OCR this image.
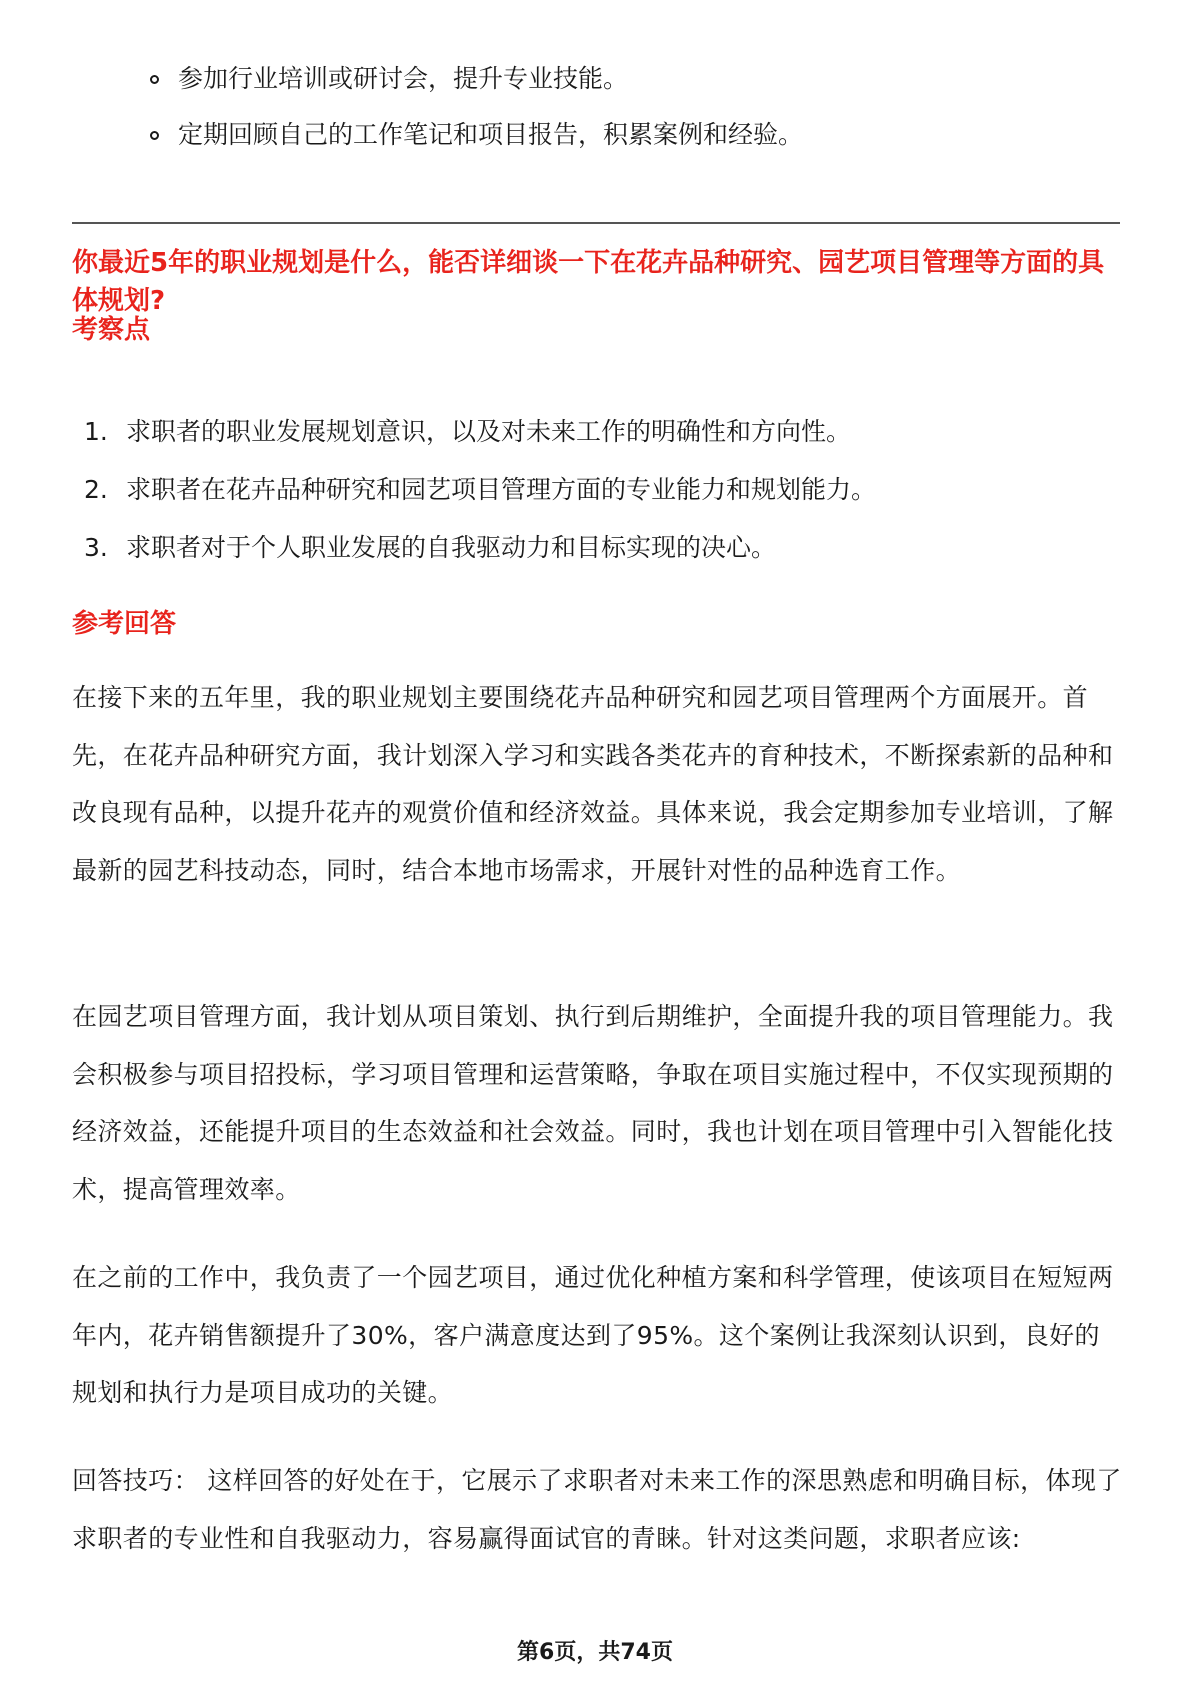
参加行业培训或研讨会，提升专业技能。
定期回顾自己的工作笔记和项目报告，积累案例和经验。
你最近5年的职业规划是什么，能否详细谈一下在花卉品种研究、园艺项目管理等方面的具体规划?
考察点
1. 求职者的职业发展规划意识，以及对未来工作的明确性和方向性。
2. 求职者在花卉品种研究和园艺项目管理方面的专业能力和规划能力。
3. 求职者对于个人职业发展的自我驱动力和目标实现的决心。
参考回答
在接下来的五年里，我的职业规划主要围绕花卉品种研究和园艺项目管理两个方面展开。首先，在花卉品种研究方面，我计划深入学习和实践各类花卉的育种技术，不断探索新的品种和改良现有品种，以提升花卉的观赏价值和经济效益。具体来说，我会定期参加专业培训，了解最新的园艺科技动态，同时，结合本地市场需求，开展针对性的品种选育工作。
在园艺项目管理方面，我计划从项目策划、执行到后期维护，全面提升我的项目管理能力。我会积极参与项目招投标，学习项目管理和运营策略，争取在项目实施过程中，不仅实现预期的经济效益，还能提升项目的生态效益和社会效益。同时，我也计划在项目管理中引入智能化技术，提高管理效率。
在之前的工作中，我负责了一个园艺项目，通过优化种植方案和科学管理，使该项目在短短两年内，花卉销售额提升了30%，客户满意度达到了95%。这个案例让我深刻认识到，良好的规划和执行力是项目成功的关键。
回答技巧： 这样回答的好处在于，它展示了求职者对未来工作的深思熟虑和明确目标，体现了求职者的专业性和自我驱动力，容易赢得面试官的青睐。针对这类问题，求职者应该:
第6页，共74页
